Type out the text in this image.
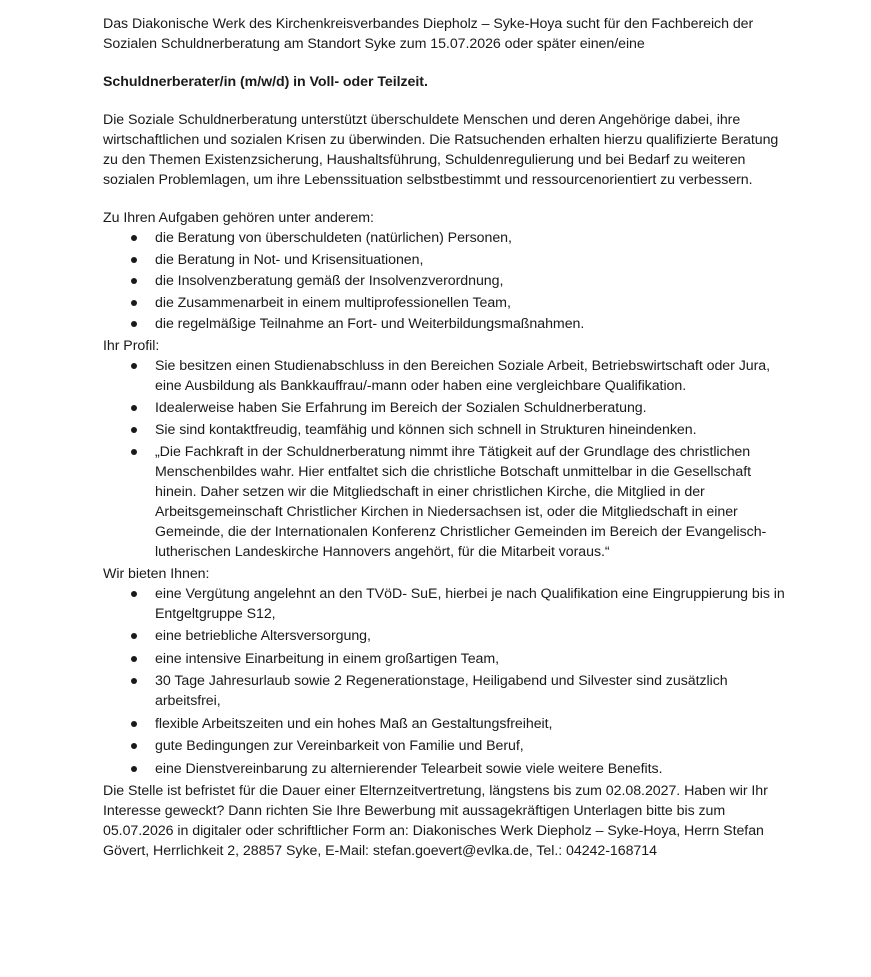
Das Diakonische Werk des Kirchenkreisverbandes Diepholz – Syke-Hoya sucht für den Fachbereich der Sozialen Schuldnerberatung am Standort Syke zum 15.07.2026 oder später einen/eine

Schuldnerberater/in (m/w/d) in Voll- oder Teilzeit.

Die Soziale Schuldnerberatung unterstützt überschuldete Menschen und deren Angehörige dabei, ihre wirtschaftlichen und sozialen Krisen zu überwinden. Die Ratsuchenden erhalten hierzu qualifizierte Beratung zu den Themen Existenzsicherung, Haushaltsführung, Schuldenregulierung und bei Bedarf zu weiteren sozialen Problemlagen, um ihre Lebenssituation selbstbestimmt und ressourcenorientiert zu verbessern.

Zu Ihren Aufgaben gehören unter anderem:

die Beratung von überschuldeten (natürlichen) Personen,
die Beratung in Not- und Krisensituationen,
die Insolvenzberatung gemäß der Insolvenzverordnung,
die Zusammenarbeit in einem multiprofessionellen Team,
die regelmäßige Teilnahme an Fort- und Weiterbildungsmaßnahmen.

Ihr Profil:

Sie besitzen einen Studienabschluss in den Bereichen Soziale Arbeit, Betriebswirtschaft oder Jura, eine Ausbildung als Bankkauffrau/-mann oder haben eine vergleichbare Qualifikation.
Idealerweise haben Sie Erfahrung im Bereich der Sozialen Schuldnerberatung.
Sie sind kontaktfreudig, teamfähig und können sich schnell in Strukturen hineindenken.
„Die Fachkraft in der Schuldnerberatung nimmt ihre Tätigkeit auf der Grundlage des christlichen Menschenbildes wahr. Hier entfaltet sich die christliche Botschaft unmittelbar in die Gesellschaft hinein. Daher setzen wir die Mitgliedschaft in einer christlichen Kirche, die Mitglied in der Arbeitsgemeinschaft Christlicher Kirchen in Niedersachsen ist, oder die Mitgliedschaft in einer Gemeinde, die der Internationalen Konferenz Christlicher Gemeinden im Bereich der Evangelisch-lutherischen Landeskirche Hannovers angehört, für die Mitarbeit voraus.“

Wir bieten Ihnen:

eine Vergütung angelehnt an den TVöD- SuE, hierbei je nach Qualifikation eine Eingruppierung bis in Entgeltgruppe S12,
eine betriebliche Altersversorgung,
eine intensive Einarbeitung in einem großartigen Team,
30 Tage Jahresurlaub sowie 2 Regenerationstage, Heiligabend und Silvester sind zusätzlich arbeitsfrei,
flexible Arbeitszeiten und ein hohes Maß an Gestaltungsfreiheit,
gute Bedingungen zur Vereinbarkeit von Familie und Beruf,
eine Dienstvereinbarung zu alternierender Telearbeit sowie viele weitere Benefits.

Die Stelle ist befristet für die Dauer einer Elternzeitvertretung, längstens bis zum 02.08.2027. Haben wir Ihr Interesse geweckt? Dann richten Sie Ihre Bewerbung mit aussagekräftigen Unterlagen bitte bis zum 05.07.2026 in digitaler oder schriftlicher Form an: Diakonisches Werk Diepholz – Syke-Hoya, Herrn Stefan Gövert, Herrlichkeit 2, 28857 Syke, E-Mail: stefan.goevert@evlka.de, Tel.: 04242-168714
